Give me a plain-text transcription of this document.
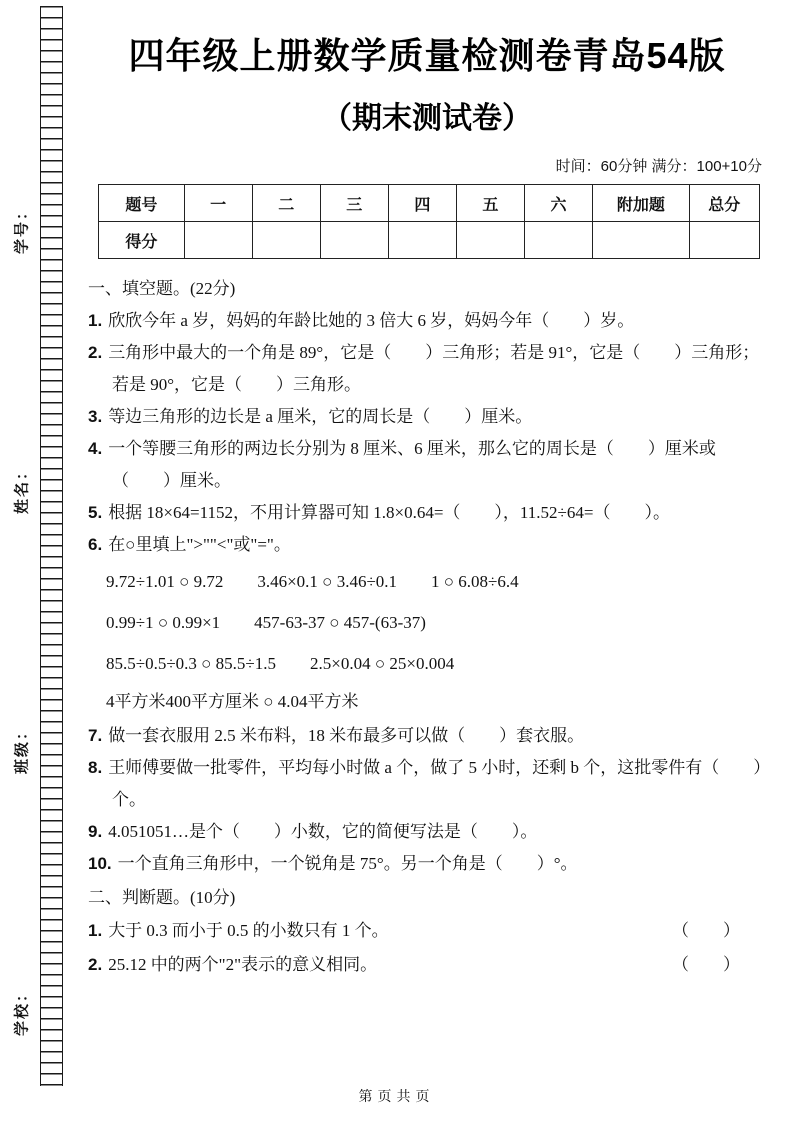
学号：
姓名：
班级：
学校：
四年级上册数学质量检测卷青岛54版
（期末测试卷）
时间：60分钟 满分：100+10分
题号	一	二	三	四	五	六	附加题	总分
得分								
一、填空题。(22分)
1. 欣欣今年 a 岁，妈妈的年龄比她的 3 倍大 6 岁，妈妈今年（　　）岁。
2. 三角形中最大的一个角是 89°，它是（　　）三角形；若是 91°，它是（　　）三角形；若是 90°，它是（　　）三角形。
3. 等边三角形的边长是 a 厘米，它的周长是（　　）厘米。
4. 一个等腰三角形的两边长分别为 8 厘米、6 厘米，那么它的周长是（　　）厘米或（　　）厘米。
5. 根据 18×64=1152，不用计算器可知 1.8×0.64=（　　），11.52÷64=（　　）。
6. 在○里填上">""<"或"="。
9.72÷1.01 ○ 9.72　　3.46×0.1 ○ 3.46÷0.1　　1 ○ 6.08÷6.4
0.99÷1 ○ 0.99×1　　457-63-37 ○ 457-(63-37)
85.5÷0.5÷0.3 ○ 85.5÷1.5　　2.5×0.04 ○ 25×0.004
4平方米400平方厘米 ○ 4.04平方米
7. 做一套衣服用 2.5 米布料，18 米布最多可以做（　　）套衣服。
8. 王师傅要做一批零件，平均每小时做 a 个，做了 5 小时，还剩 b 个，这批零件有（　　）个。
9. 4.051051…是个（　　）小数，它的简便写法是（　　）。
10. 一个直角三角形中，一个锐角是 75°。另一个角是（　　）°。
二、判断题。(10分)
1. 大于 0.3 而小于 0.5 的小数只有 1 个。	（　　）
2. 25.12 中的两个"2"表示的意义相同。	（　　）
第页共页
